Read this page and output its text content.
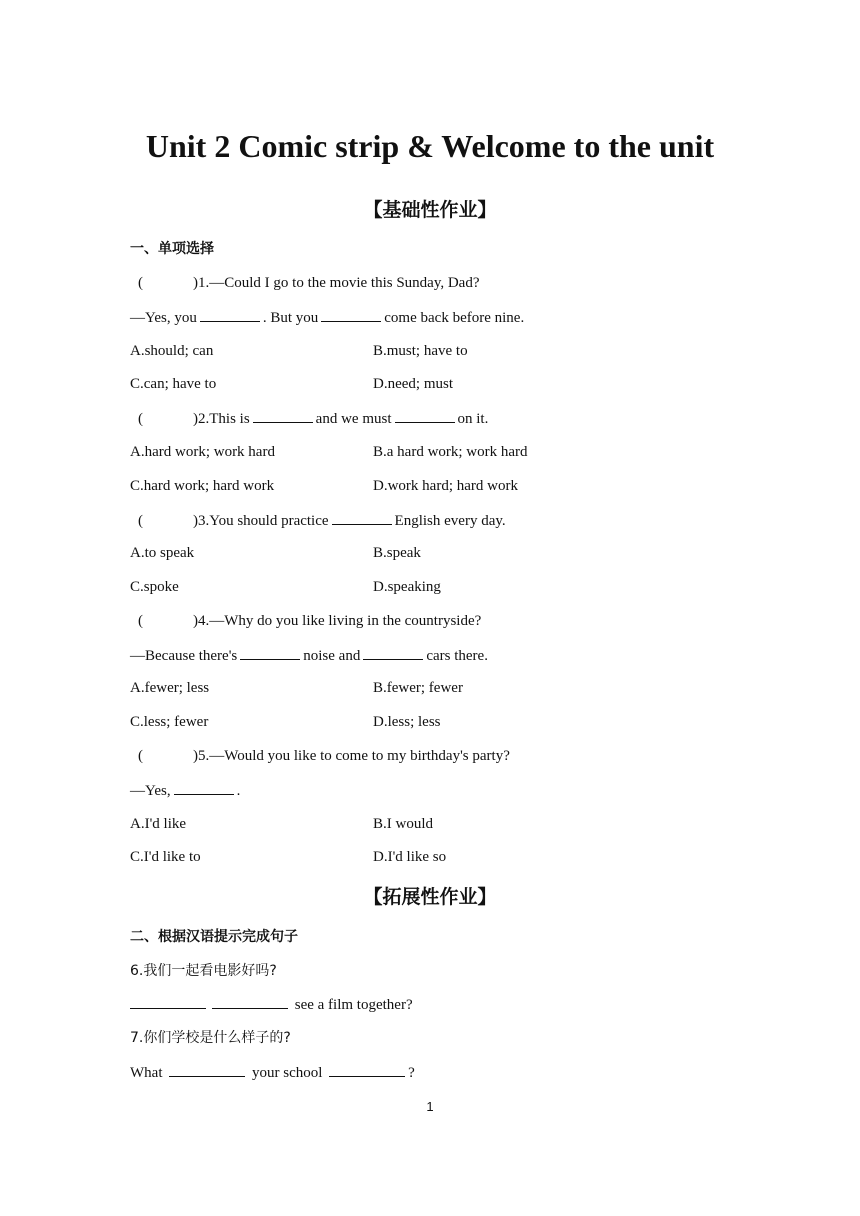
Unit 2 Comic strip & Welcome to the unit
【基础性作业】
一、单项选择
(	)1.—Could I go to the movie this Sunday, Dad?
—Yes, you	. But you	come back before nine.
A.should; can	B.must; have to
C.can; have to	D.need; must
(	)2.This is	and we must	on it.
A.hard work; work hard	B.a hard work; work hard
C.hard work; hard work	D.work hard; hard work
(	)3.You should practice	English every day.
A.to speak	B.speak
C.spoke	D.speaking
(	)4.—Why do you like living in the countryside?
—Because there's	noise and	cars there.
A.fewer; less	B.fewer; fewer
C.less; fewer	D.less; less
(	)5.—Would you like to come to my birthday's party?
—Yes,	.
A.I'd like	B.I would
C.I'd like to	D.I'd like so
【拓展性作业】
二、根据汉语提示完成句子
6.我们一起看电影好吗?
see a film together?
7.你们学校是什么样子的?
What	your school	?
1
